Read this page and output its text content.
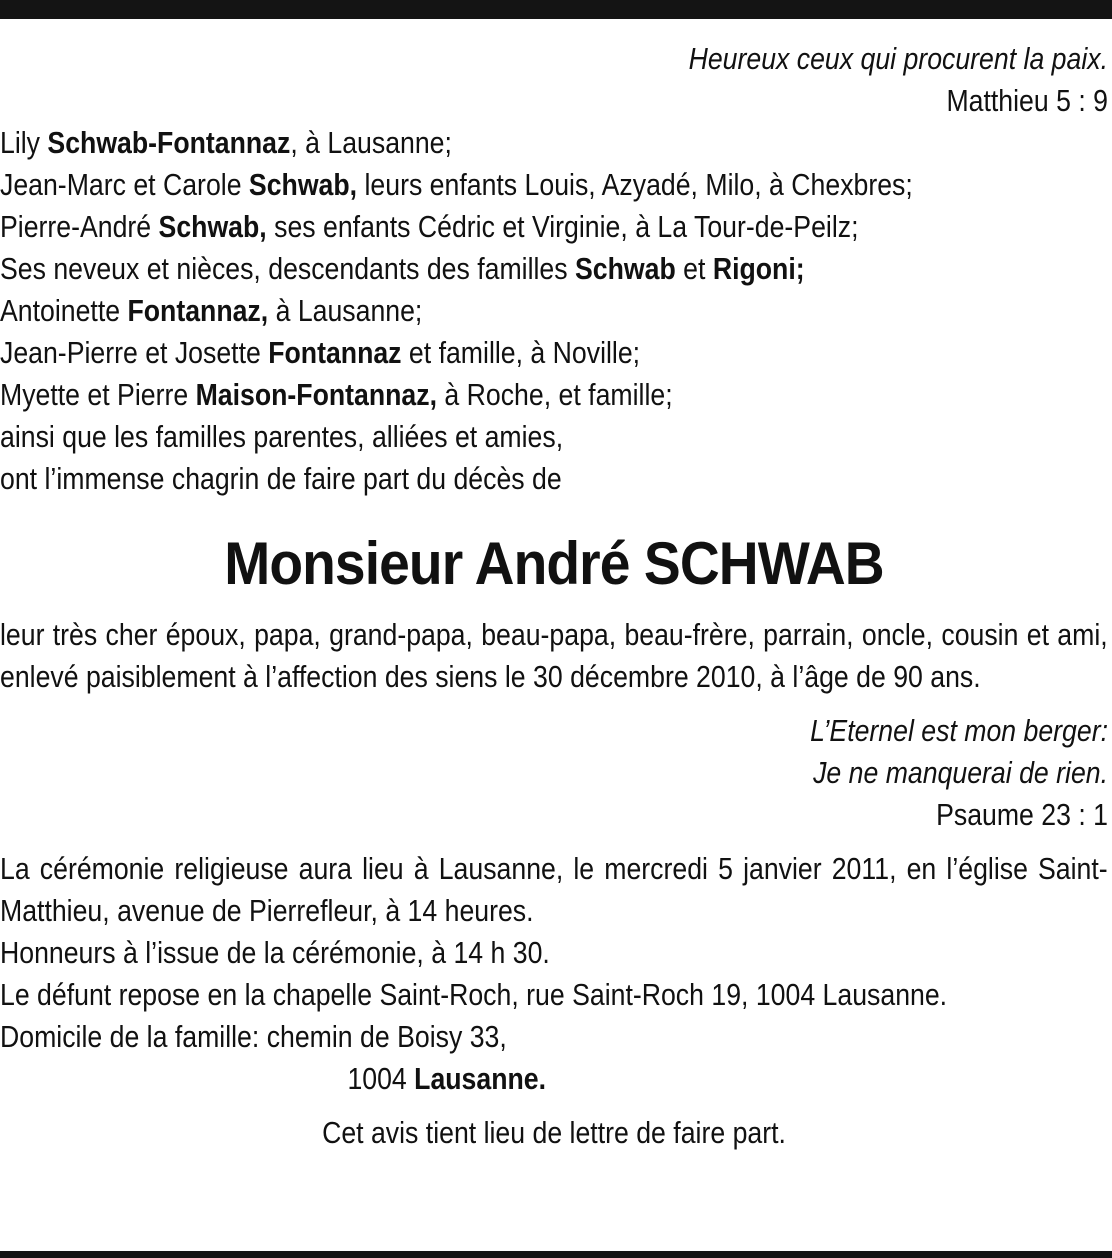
Heureux ceux qui procurent la paix.
Matthieu 5 : 9
Lily Schwab-Fontannaz, à Lausanne;
Jean-Marc et Carole Schwab, leurs enfants Louis, Azyadé, Milo, à Chexbres;
Pierre-André Schwab, ses enfants Cédric et Virginie, à La Tour-de-Peilz;
Ses neveux et nièces, descendants des familles Schwab et Rigoni;
Antoinette Fontannaz, à Lausanne;
Jean-Pierre et Josette Fontannaz et famille, à Noville;
Myette et Pierre Maison-Fontannaz, à Roche, et famille;
ainsi que les familles parentes, alliées et amies,
ont l’immense chagrin de faire part du décès de
Monsieur André SCHWAB
leur très cher époux, papa, grand-papa, beau-papa, beau-frère, parrain, oncle, cousin et ami, enlevé paisiblement à l’affection des siens le 30 décembre 2010, à l’âge de 90 ans.
L’Eternel est mon berger:
Je ne manquerai de rien.
Psaume 23 : 1
La cérémonie religieuse aura lieu à Lausanne, le mercredi 5 janvier 2011, en l’église Saint-Matthieu, avenue de Pierrefleur, à 14 heures.
Honneurs à l’issue de la cérémonie, à 14 h 30.
Le défunt repose en la chapelle Saint-Roch, rue Saint-Roch 19, 1004 Lausanne.
Domicile de la famille: chemin de Boisy 33,
1004 Lausanne.
Cet avis tient lieu de lettre de faire part.
